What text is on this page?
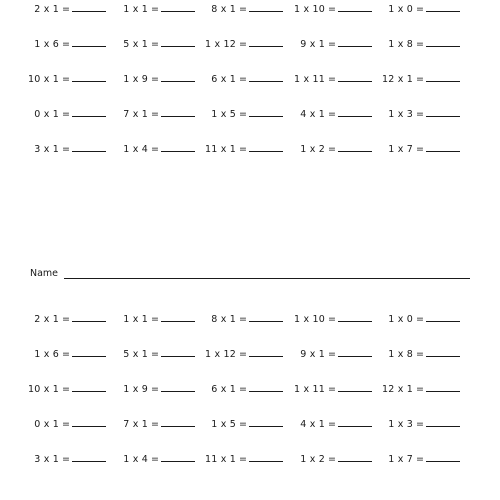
2 x 1 =	1 x 1 =	8 x 1 =	1 x 10 =	1 x 0 =
1 x 6 =	5 x 1 =	1 x 12 =	9 x 1 =	1 x 8 =
10 x 1 =	1 x 9 =	6 x 1 =	1 x 11 =	12 x 1 =
0 x 1 =	7 x 1 =	1 x 5 =	4 x 1 =	1 x 3 =
3 x 1 =	1 x 4 =	11 x 1 =	1 x 2 =	1 x 7 =
Name
2 x 1 =	1 x 1 =	8 x 1 =	1 x 10 =	1 x 0 =
1 x 6 =	5 x 1 =	1 x 12 =	9 x 1 =	1 x 8 =
10 x 1 =	1 x 9 =	6 x 1 =	1 x 11 =	12 x 1 =
0 x 1 =	7 x 1 =	1 x 5 =	4 x 1 =	1 x 3 =
3 x 1 =	1 x 4 =	11 x 1 =	1 x 2 =	1 x 7 =
